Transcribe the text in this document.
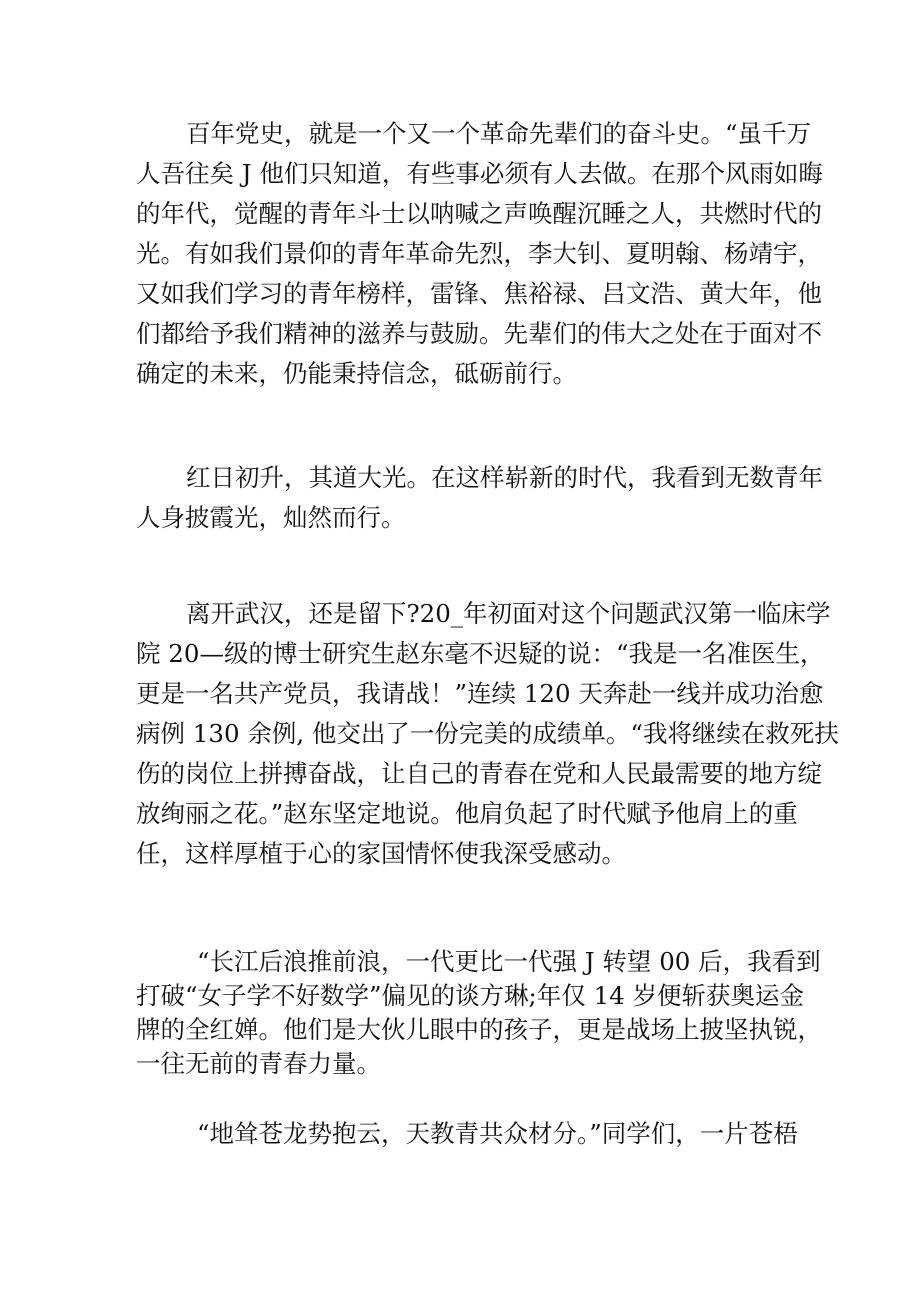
百年党史，就是一个又一个革命先辈们的奋斗史。“虽千万
人吾往矣 J 他们只知道，有些事必须有人去做。在那个风雨如晦
的年代，觉醒的青年斗士以呐喊之声唤醒沉睡之人，共燃时代的
光。有如我们景仰的青年革命先烈，李大钊、夏明翰、杨靖宇，
又如我们学习的青年榜样，雷锋、焦裕禄、吕文浩、黄大年，他
们都给予我们精神的滋养与鼓励。先辈们的伟大之处在于面对不
确定的未来，仍能秉持信念，砥砺前行。
红日初升，其道大光。在这样崭新的时代，我看到无数青年
人身披霞光，灿然而行。
离开武汉，还是留下?20_年初面对这个问题武汉第一临床学
院 20—级的博士研究生赵东毫不迟疑的说：“我是一名准医生，
更是一名共产党员，我请战！”连续 120 天奔赴一线并成功治愈
病例 130 余例, 他交出了一份完美的成绩单。“我将继续在救死扶
伤的岗位上拼搏奋战，让自己的青春在党和人民最需要的地方绽
放绚丽之花。”赵东坚定地说。他肩负起了时代赋予他肩上的重
任，这样厚植于心的家国情怀使我深受感动。
“长江后浪推前浪，一代更比一代强 J 转望 00 后，我看到
打破“女子学不好数学”偏见的谈方琳;年仅 14 岁便斩获奥运金
牌的全红婵。他们是大伙儿眼中的孩子，更是战场上披坚执锐，
一往无前的青春力量。
“地耸苍龙势抱云，天教青共众材分。”同学们，一片苍梧
